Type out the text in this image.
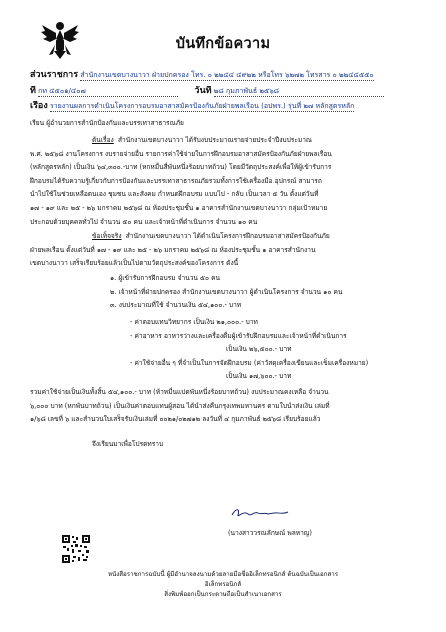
บันทึกข้อความ
ส่วนราชการ สำนักงานเขตบางนาวา ฝ่ายปกครอง โทร. ๐ ๒๒๔๔ ๔๙๒๒ หรือโทร ๖๒๗๒ โทรสาร ๐ ๒๒๔๔๕๕๐
ที่ กท ๔๕๐๑/๔๐๗	วันที่ ๒๘ กุมภาพันธ์ ๒๕๖๘
เรื่อง รายงานผลการดำเนินโครงการอบรมอาสาสมัครป้องกันภัยฝ่ายพลเรือน (อปพร.) รุ่นที่ ๒๗ หลักสูตรหลัก
เรียน ผู้อำนวยการสำนักป้องกันและบรรเทาสาธารณภัย
ต้นเรื่อง สำนักงานเขตบางนาวา ได้รับงบประมาณรายจ่ายประจำปีงบประมาณ
พ.ศ. ๒๕๖๘ งานโครงการ งบรายจ่ายอื่น รายการค่าใช้จ่ายในการฝึกอบรมอาสาสมัครป้องกันภัยฝ่ายพลเรือน
(หลักสูตรหลัก) เป็นเงิน ๖๔,๓๐๐.-บาท (หกหมื่นสี่พันหนึ่งร้อยบาทถ้วน) โดยมีวัตถุประสงค์เพื่อให้ผู้เข้ารับการ
ฝึกอบรมได้รับความรู้เกี่ยวกับการป้องกันและบรรเทาสาธารณภัยรวมทั้งการใช้เครื่องมือ อุปกรณ์ สามารถ
นำไปใช้ในช่วยเหลือตนเอง ชุมชน และสังคม กำหนดฝึกอบรม แบบไป - กลับ เป็นเวลา ๕ วัน ตั้งแต่วันที่
๑๗ - ๑๙ และ ๒๕ - ๒๖ มกราคม ๒๕๖๘ ณ ห้องประชุมชั้น ๑ อาคารสำนักงานเขตบางนาวา กลุ่มเป้าหมาย
ประกอบด้วยบุคคลทั่วไป จำนวน ๕๐ คน และเจ้าหน้าที่ดำเนินการ จำนวน ๑๐ คน
ข้อเท็จจริง สำนักงานเขตบางนาวา ได้ดำเนินโครงการฝึกอบรมอาสาสมัครป้องกันภัย
ฝ่ายพลเรือน ตั้งแต่วันที่ ๑๗ - ๑๙ และ ๒๕ - ๒๖ มกราคม ๒๕๖๘ ณ ห้องประชุมชั้น ๑ อาคารสำนักงาน
เขตบางนาวา เสร็จเรียบร้อยแล้วเป็นไปตามวัตถุประสงค์ของโครงการ ดังนี้
๑. ผู้เข้ารับการฝึกอบรม จำนวน ๕๐ คน
๒. เจ้าหน้าที่ฝ่ายปกครอง สำนักงานเขตบางนาวา ผู้ดำเนินโครงการ จำนวน ๑๐ คน
๓. งบประมาณที่ใช้ จำนวนเงิน ๕๔,๑๐๐.- บาท
- ค่าตอบแทนวิทยากร เป็นเงิน ๒๑,๐๐๐.- บาท
- ค่าอาหาร อาหารว่างและเครื่องดื่มผู้เข้ารับฝึกอบรมและเจ้าหน้าที่ดำเนินการ
เป็นเงิน ๒๖,๕๐๐.- บาท
- ค่าใช้จ่ายอื่น ๆ ที่จำเป็นในการจัดฝึกอบรม (ค่าวัสดุเครื่องเขียนและเข็มเครื่องหมาย)
เป็นเงิน ๑๗,๖๐๐.- บาท
รวมค่าใช้จ่ายเป็นเงินทั้งสิ้น ๕๔,๑๐๐.- บาท (ห้าหมื่นแปดพันหนึ่งร้อยบาทถ้วน) งบประมาณคงเหลือ จำนวน
๖,๐๐๐ บาท (หกพันบาทถ้วน) เป็นเงินค่าตอบแทนผู้สอน ได้นำส่งคืนกรุงเทพมหานคร ตามใบนำส่งเงิน เล่มที่
๑/๖๘ เลขที่ ๖ และสำนวนใบเสร็จรับเงินเล่มที่ ๐๐๒๑/๐๒๗๑๒ ลงวันที่ ๔ กุมภาพันธ์ ๒๕๖๘ เรียบร้อยแล้ว
จึงเรียนมาเพื่อโปรดทราบ
(นางสาววรณลักษณ์ พลหาญ)
หนังสือราชการฉบับนี้ ผู้มีอำนาจลงนามด้วยลายมือชื่ออิเล็กทรอนิกส์ ต้นฉบับเป็นเอกสารอิเล็กทรอนิกส์
สิ่งพิมพ์ออกเป็นกระดาษถือเป็นสำเนาเอกสาร
